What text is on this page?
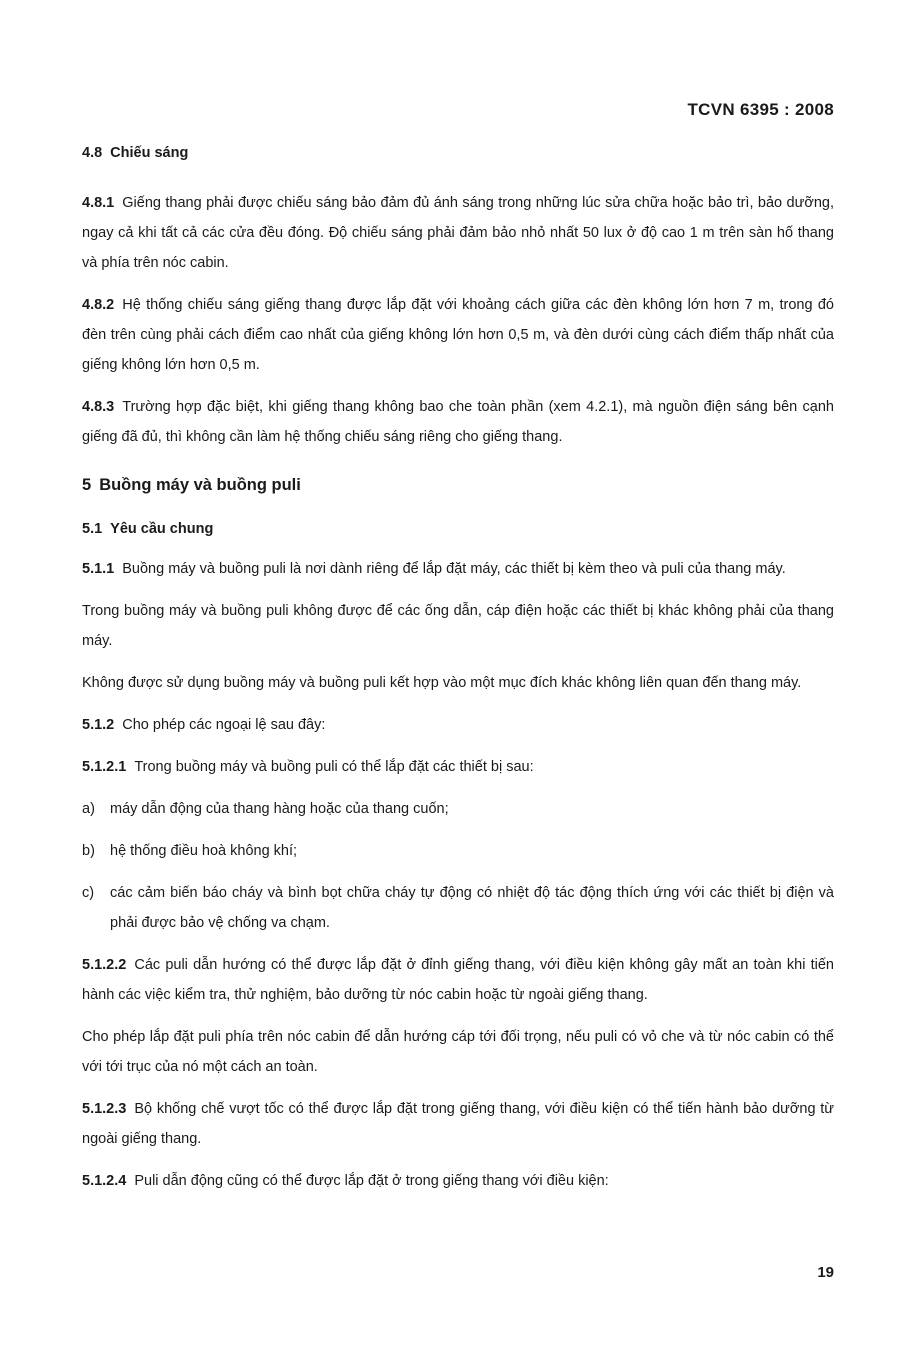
TCVN 6395 : 2008
4.8 Chiếu sáng
4.8.1 Giếng thang phải được chiếu sáng bảo đảm đủ ánh sáng trong những lúc sửa chữa hoặc bảo trì, bảo dưỡng, ngay cả khi tất cả các cửa đều đóng. Độ chiếu sáng phải đảm bảo nhỏ nhất 50 lux ở độ cao 1 m trên sàn hố thang và phía trên nóc cabin.
4.8.2 Hệ thống chiếu sáng giếng thang được lắp đặt với khoảng cách giữa các đèn không lớn hơn 7 m, trong đó đèn trên cùng phải cách điểm cao nhất của giếng không lớn hơn 0,5 m, và đèn dưới cùng cách điểm thấp nhất của giếng không lớn hơn 0,5 m.
4.8.3 Trường hợp đặc biệt, khi giếng thang không bao che toàn phần (xem 4.2.1), mà nguồn điện sáng bên cạnh giếng đã đủ, thì không cần làm hệ thống chiếu sáng riêng cho giếng thang.
5 Buồng máy và buồng puli
5.1 Yêu cầu chung
5.1.1 Buồng máy và buồng puli là nơi dành riêng để lắp đặt máy, các thiết bị kèm theo và puli của thang máy.
Trong buồng máy và buồng puli không được để các ống dẫn, cáp điện hoặc các thiết bị khác không phải của thang máy.
Không được sử dụng buồng máy và buồng puli kết hợp vào một mục đích khác không liên quan đến thang máy.
5.1.2 Cho phép các ngoại lệ sau đây:
5.1.2.1 Trong buồng máy và buồng puli có thể lắp đặt các thiết bị sau:
a)	máy dẫn động của thang hàng hoặc của thang cuốn;
b)	hệ thống điều hoà không khí;
c)	các cảm biến báo cháy và bình bọt chữa cháy tự động có nhiệt độ tác động thích ứng với các thiết bị điện và phải được bảo vệ chống va chạm.
5.1.2.2 Các puli dẫn hướng có thể được lắp đặt ở đỉnh giếng thang, với điều kiện không gây mất an toàn khi tiến hành các việc kiểm tra, thử nghiệm, bảo dưỡng từ nóc cabin hoặc từ ngoài giếng thang.
Cho phép lắp đặt puli phía trên nóc cabin để dẫn hướng cáp tới đối trọng, nếu puli có vỏ che và từ nóc cabin có thể với tới trục của nó một cách an toàn.
5.1.2.3 Bộ khống chế vượt tốc có thể được lắp đặt trong giếng thang, với điều kiện có thể tiến hành bảo dưỡng từ ngoài giếng thang.
5.1.2.4 Puli dẫn động cũng có thể được lắp đặt ở trong giếng thang với điều kiện:
19
